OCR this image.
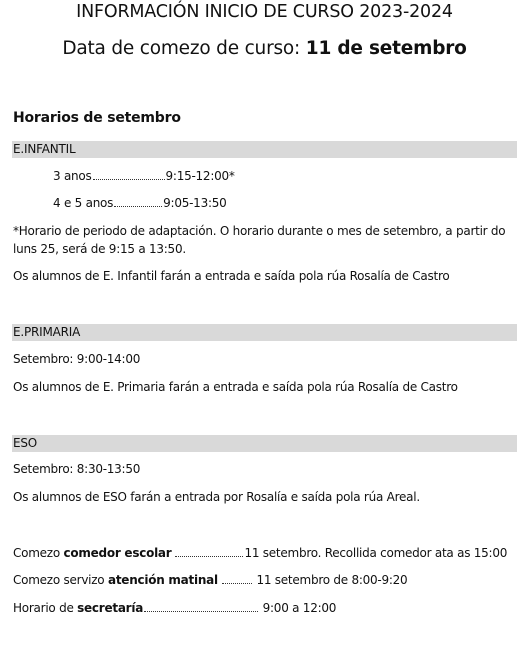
INFORMACIÓN INICIO DE CURSO 2023-2024
Data de comezo de curso: 11 de setembro
Horarios de setembro
E.INFANTIL
3 anos	9:15-12:00*
4 e 5 anos	9:05-13:50
*Horario de periodo de adaptación. O horario durante o mes de setembro, a partir do luns 25, será de 9:15 a 13:50.
Os alumnos de E. Infantil farán a entrada e saída pola rúa Rosalía de Castro
E.PRIMARIA
Setembro: 9:00-14:00
Os alumnos de E. Primaria farán a entrada e saída pola rúa Rosalía de Castro
ESO
Setembro: 8:30-13:50
Os alumnos de ESO farán a entrada por Rosalía e saída pola rúa Areal.
Comezo comedor escolar	11 setembro. Recollida comedor ata as 15:00
Comezo servizo atención matinal	11 setembro de 8:00-9:20
Horario de secretaría	9:00 a 12:00
